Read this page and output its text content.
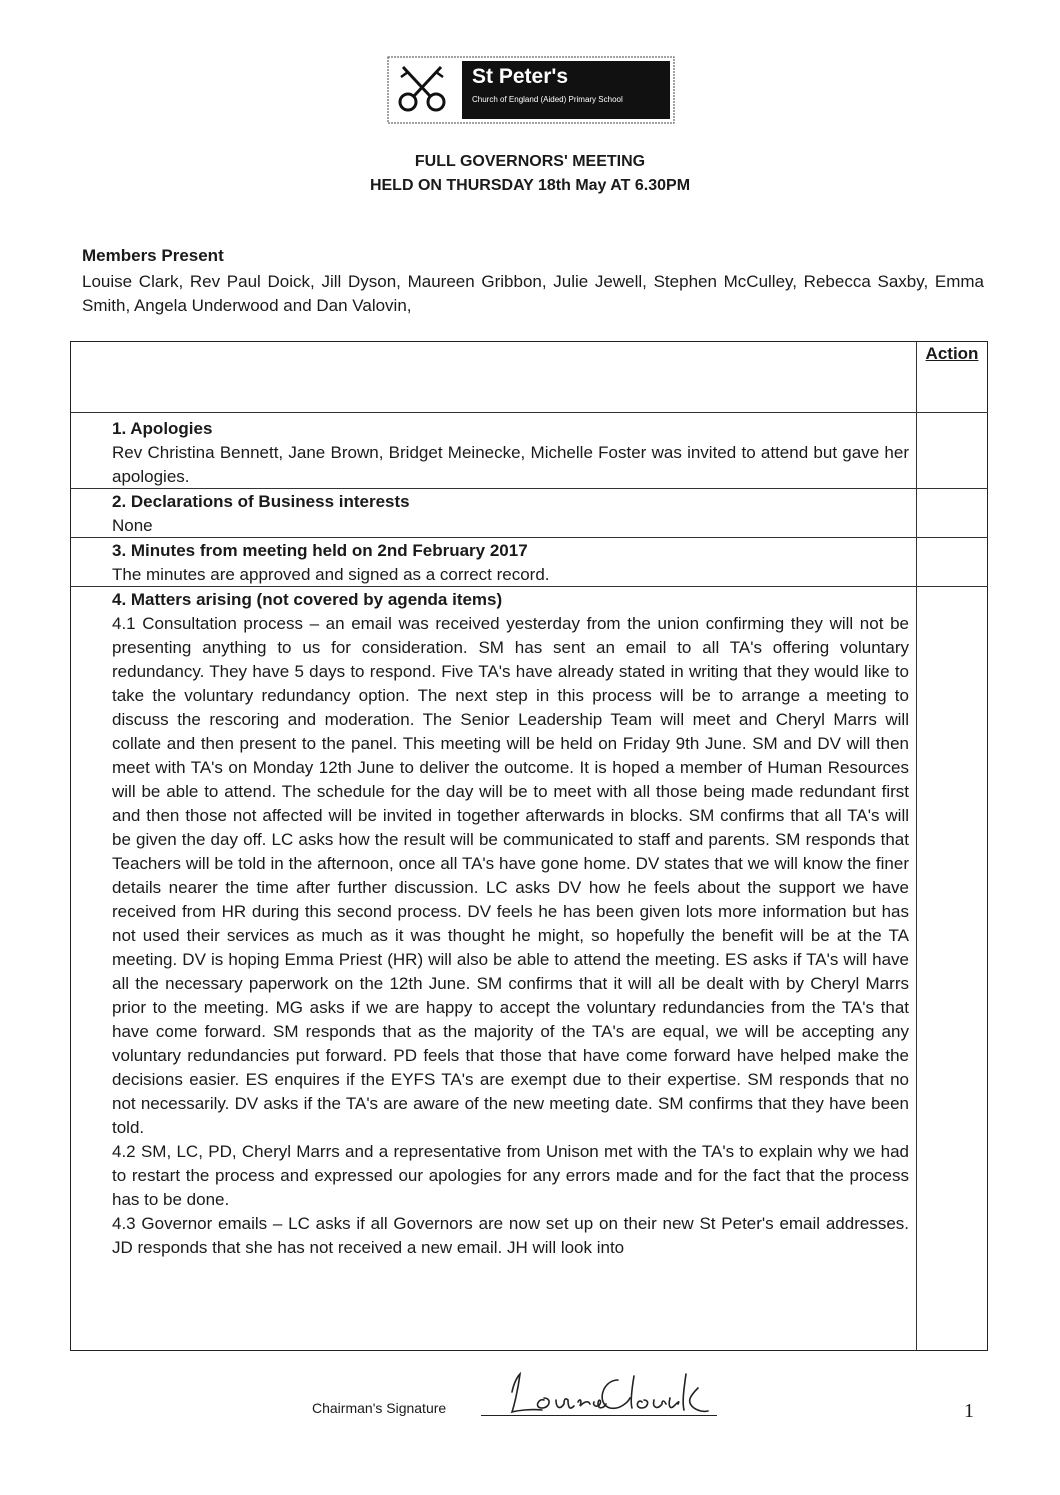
St Peter's
Church of England (Aided) Primary School
FULL GOVERNORS' MEETING
HELD ON THURSDAY 18th May AT 6.30PM
Members Present
Louise Clark, Rev Paul Doick, Jill Dyson, Maureen Gribbon, Julie Jewell, Stephen McCulley, Rebecca Saxby, Emma Smith, Angela Underwood and Dan Valovin,
Action
1. Apologies
Rev Christina Bennett, Jane Brown, Bridget Meinecke, Michelle Foster was invited to attend but gave her apologies.
2. Declarations of Business interests
None
3. Minutes from meeting held on 2nd February 2017
The minutes are approved and signed as a correct record.
4. Matters arising (not covered by agenda items)

4.1 Consultation process – an email was received yesterday from the union confirming they will not be presenting anything to us for consideration. SM has sent an email to all TA's offering voluntary redundancy. They have 5 days to respond. Five TA's have already stated in writing that they would like to take the voluntary redundancy option. The next step in this process will be to arrange a meeting to discuss the rescoring and moderation. The Senior Leadership Team will meet and Cheryl Marrs will collate and then present to the panel. This meeting will be held on Friday 9th June. SM and DV will then meet with TA's on Monday 12th June to deliver the outcome. It is hoped a member of Human Resources will be able to attend. The schedule for the day will be to meet with all those being made redundant first and then those not affected will be invited in together afterwards in blocks. SM confirms that all TA's will be given the day off. LC asks how the result will be communicated to staff and parents. SM responds that Teachers will be told in the afternoon, once all TA's have gone home. DV states that we will know the finer details nearer the time after further discussion. LC asks DV how he feels about the support we have received from HR during this second process. DV feels he has been given lots more information but has not used their services as much as it was thought he might, so hopefully the benefit will be at the TA meeting. DV is hoping Emma Priest (HR) will also be able to attend the meeting. ES asks if TA's will have all the necessary paperwork on the 12th June. SM confirms that it will all be dealt with by Cheryl Marrs prior to the meeting. MG asks if we are happy to accept the voluntary redundancies from the TA's that have come forward. SM responds that as the majority of the TA's are equal, we will be accepting any voluntary redundancies put forward. PD feels that those that have come forward have helped make the decisions easier. ES enquires if the EYFS TA's are exempt due to their expertise. SM responds that no not necessarily. DV asks if the TA's are aware of the new meeting date. SM confirms that they have been told.

4.2 SM, LC, PD, Cheryl Marrs and a representative from Unison met with the TA's to explain why we had to restart the process and expressed our apologies for any errors made and for the fact that the process has to be done.

4.3 Governor emails – LC asks if all Governors are now set up on their new St Peter's email addresses. JD responds that she has not received a new email. JH will look into

Chairman's Signature	1
